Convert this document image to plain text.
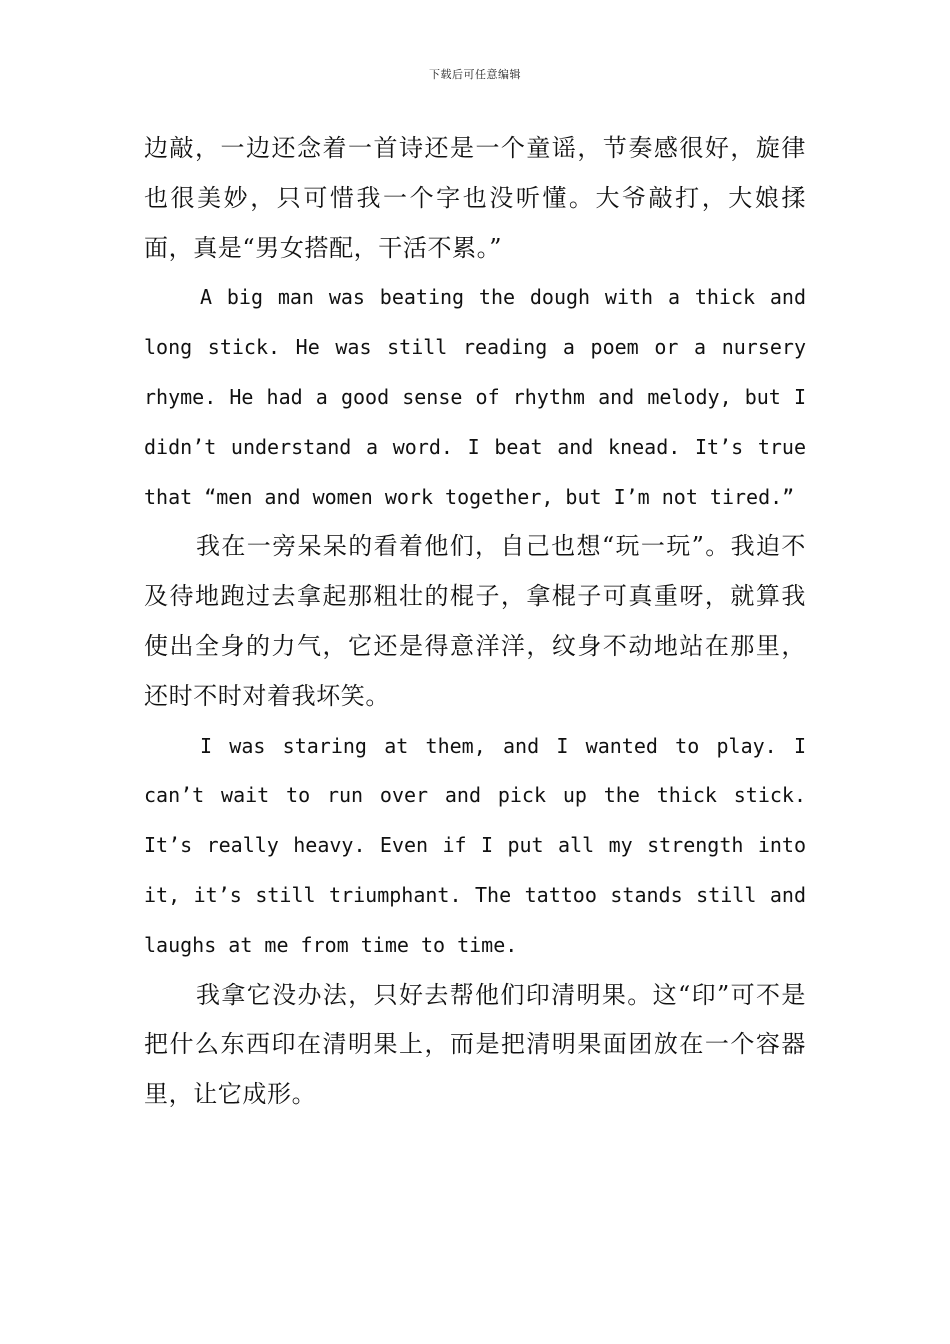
下载后可任意编辑

边敲，一边还念着一首诗还是一个童谣，节奏感很好，旋律也很美妙，只可惜我一个字也没听懂。大爷敲打，大娘揉面，真是“男女搭配，干活不累。”

A big man was beating the dough with a thick and long stick. He was still reading a poem or a nursery rhyme. He had a good sense of rhythm and melody, but I didn’t understand a word. I beat and knead. It’s true that “men and women work together, but I’m not tired.”

我在一旁呆呆的看着他们，自己也想“玩一玩”。我迫不及待地跑过去拿起那粗壮的棍子，拿棍子可真重呀，就算我使出全身的力气，它还是得意洋洋，纹身不动地站在那里，还时不时对着我坏笑。

I was staring at them, and I wanted to play. I can’t wait to run over and pick up the thick stick. It’s really heavy. Even if I put all my strength into it, it’s still triumphant. The tattoo stands still and laughs at me from time to time.

我拿它没办法，只好去帮他们印清明果。这“印”可不是把什么东西印在清明果上，而是把清明果面团放在一个容器里，让它成形。
